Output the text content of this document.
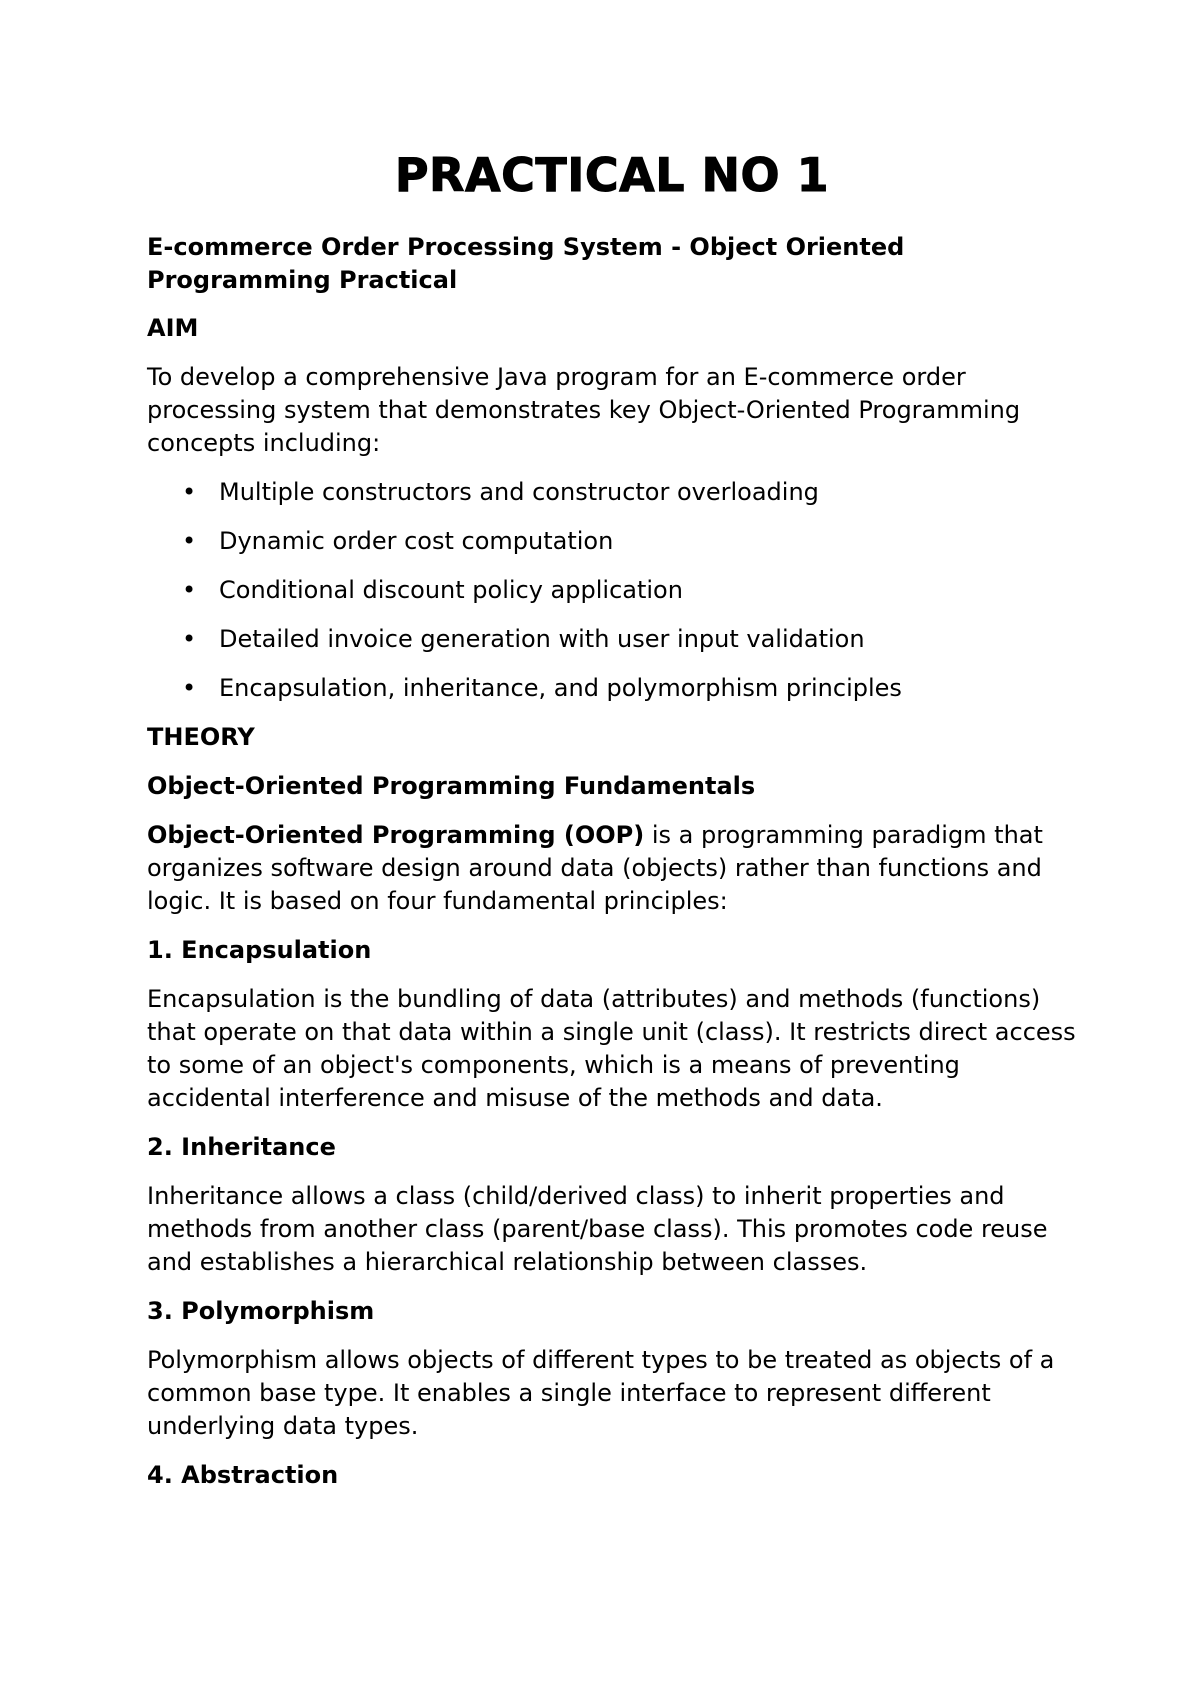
PRACTICAL NO 1
E-commerce Order Processing System - Object Oriented Programming Practical
AIM
To develop a comprehensive Java program for an E-commerce order processing system that demonstrates key Object-Oriented Programming concepts including:
• Multiple constructors and constructor overloading
• Dynamic order cost computation
• Conditional discount policy application
• Detailed invoice generation with user input validation
• Encapsulation, inheritance, and polymorphism principles
THEORY
Object-Oriented Programming Fundamentals
Object-Oriented Programming (OOP) is a programming paradigm that organizes software design around data (objects) rather than functions and logic. It is based on four fundamental principles:
1. Encapsulation
Encapsulation is the bundling of data (attributes) and methods (functions) that operate on that data within a single unit (class). It restricts direct access to some of an object's components, which is a means of preventing accidental interference and misuse of the methods and data.
2. Inheritance
Inheritance allows a class (child/derived class) to inherit properties and methods from another class (parent/base class). This promotes code reuse and establishes a hierarchical relationship between classes.
3. Polymorphism
Polymorphism allows objects of different types to be treated as objects of a common base type. It enables a single interface to represent different underlying data types.
4. Abstraction
